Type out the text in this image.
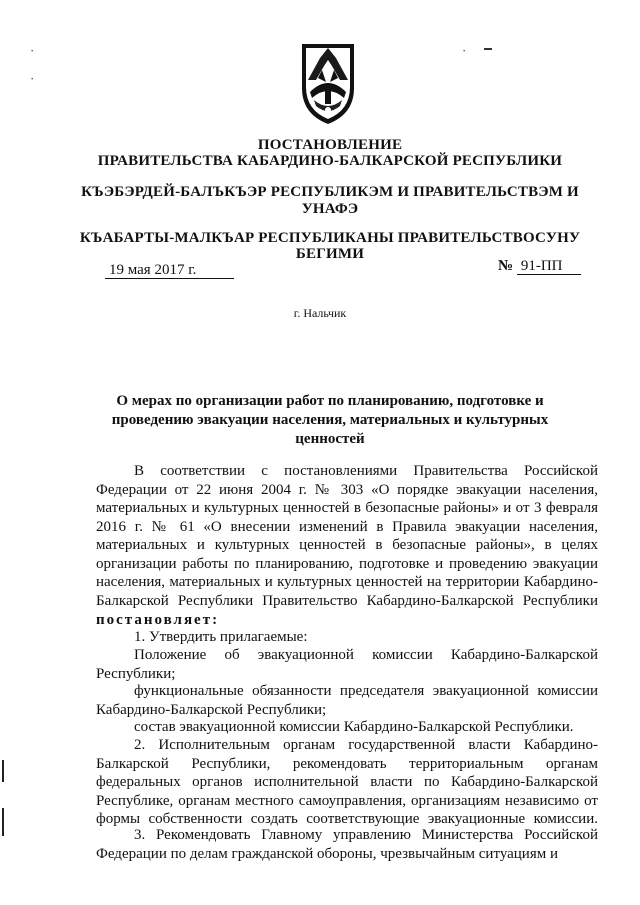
·
·
·
ПОСТАНОВЛЕНИЕ
ПРАВИТЕЛЬСТВА КАБАРДИНО-БАЛКАРСКОЙ РЕСПУБЛИКИ
КЪЭБЭРДЕЙ-БАЛЪКЪЭР РЕСПУБЛИКЭМ И ПРАВИТЕЛЬСТВЭМ И
УНАФЭ
КЪАБАРТЫ-МАЛКЪАР РЕСПУБЛИКАНЫ ПРАВИТЕЛЬСТВОСУНУ
БЕГИМИ
19 мая 2017 г.	№ 91-ПП
г. Нальчик
О мерах по организации работ по планированию, подготовке и проведению эвакуации населения, материальных и культурных ценностей
В соответствии с постановлениями Правительства Российской Федерации от 22 июня 2004 г. № 303 «О порядке эвакуации населения, материальных и культурных ценностей в безопасные районы» и от 3 февраля 2016 г. № 61 «О внесении изменений в Правила эвакуации населения, материальных и культурных ценностей в безопасные районы», в целях организации работы по планированию, подготовке и проведению эвакуации населения, материальных и культурных ценностей на территории Кабардино-Балкарской Республики Правительство Кабардино-Балкарской Республики
постановляет:
1. Утвердить прилагаемые:
Положение об эвакуационной комиссии Кабардино-Балкарской Республики;
функциональные обязанности председателя эвакуационной комиссии Кабардино-Балкарской Республики;
состав эвакуационной комиссии Кабардино-Балкарской Республики.
2. Исполнительным органам государственной власти Кабардино-Балкарской Республики, рекомендовать территориальным органам федеральных органов исполнительной власти по Кабардино-Балкарской Республике, органам местного самоуправления, организациям независимо от формы собственности создать соответствующие эвакуационные комиссии.
3. Рекомендовать Главному управлению Министерства Российской Федерации по делам гражданской обороны, чрезвычайным ситуациям и
